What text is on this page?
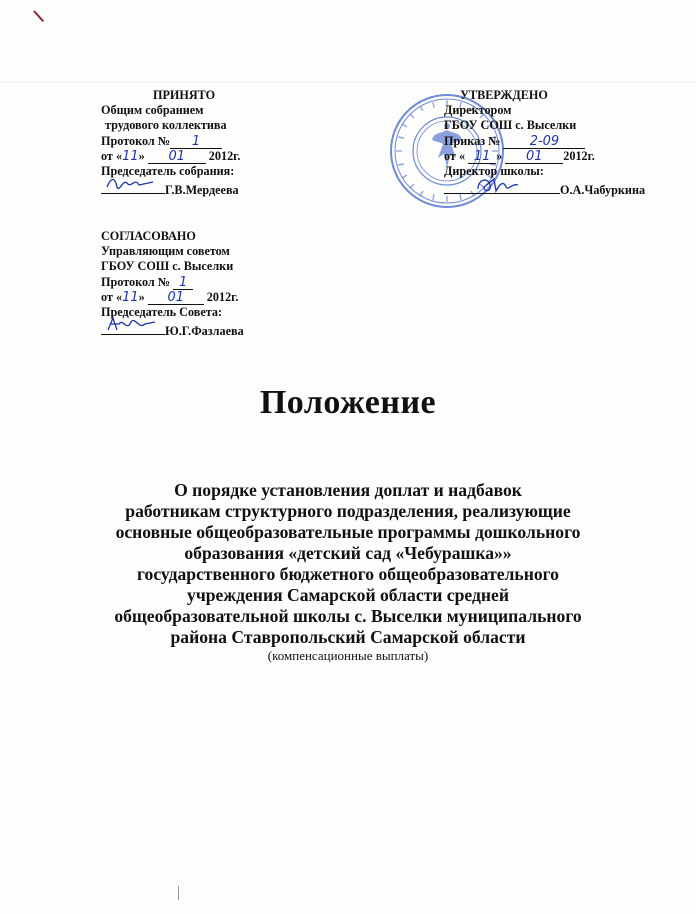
ПРИНЯТО
Общим собранием
трудового коллектива
Протокол № 1
от «11» 01 2012г.
Председатель собрания:
Г.В.Мердеева
СОГЛАСОВАНО
Управляющим советом
ГБОУ СОШ с. Выселки
Протокол № 1
от «11» 01 2012г.
Председатель Совета:
Ю.Г.Фазлаева
УТВЕРЖДЕНО
Директором
ГБОУ СОШ с. Выселки
Приказ № 2-09
от « 11 » 01 2012г.
Директор школы:
О.А.Чабуркина
Положение
О порядке установления доплат и надбавок
работникам структурного подразделения, реализующие
основные общеобразовательные программы дошкольного
образования «детский сад «Чебурашка»»
государственного бюджетного общеобразовательного
учреждения Самарской области средней
общеобразовательной школы с. Выселки муниципального
района Ставропольский Самарской области
(компенсационные выплаты)
